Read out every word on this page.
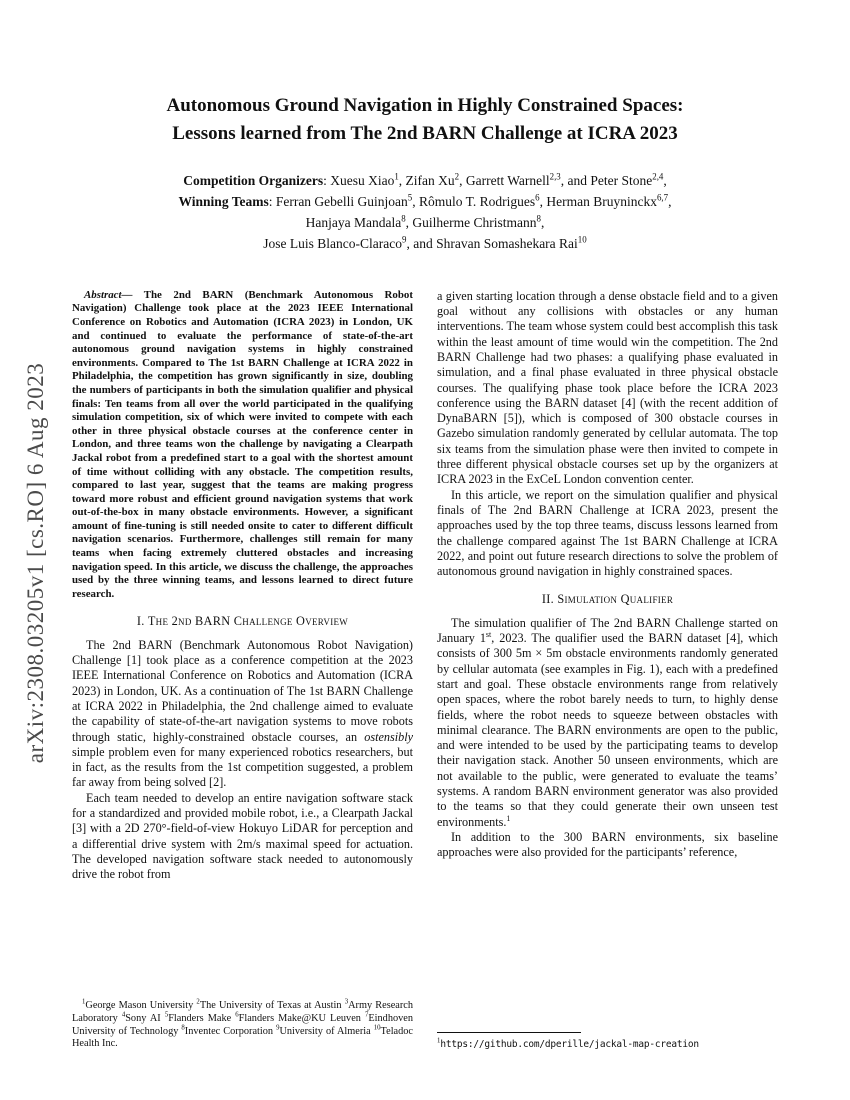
arXiv:2308.03205v1 [cs.RO] 6 Aug 2023
Autonomous Ground Navigation in Highly Constrained Spaces:
Lessons learned from The 2nd BARN Challenge at ICRA 2023
Competition Organizers: Xuesu Xiao$^1$, Zifan Xu$^2$, Garrett Warnell$^{2,3}$, and Peter Stone$^{2,4}$,
Winning Teams: Ferran Gebelli Guinjoan$^5$, Rômulo T. Rodrigues$^6$, Herman Bruyninckx$^{6,7}$,
Hanjaya Mandala$^8$, Guilherme Christmann$^8$,
Jose Luis Blanco-Claraco$^9$, and Shravan Somashekara Rai$^{10}$

Abstract— The 2nd BARN (Benchmark Autonomous Robot Navigation) Challenge took place at the 2023 IEEE International Conference on Robotics and Automation (ICRA 2023) in London, UK and continued to evaluate the performance of state-of-the-art autonomous ground navigation systems in highly constrained environments. Compared to The 1st BARN Challenge at ICRA 2022 in Philadelphia, the competition has grown significantly in size, doubling the numbers of participants in both the simulation qualifier and physical finals: Ten teams from all over the world participated in the qualifying simulation competition, six of which were invited to compete with each other in three physical obstacle courses at the conference center in London, and three teams won the challenge by navigating a Clearpath Jackal robot from a predefined start to a goal with the shortest amount of time without colliding with any obstacle. The competition results, compared to last year, suggest that the teams are making progress toward more robust and efficient ground navigation systems that work out-of-the-box in many obstacle environments. However, a significant amount of fine-tuning is still needed onsite to cater to different difficult navigation scenarios. Furthermore, challenges still remain for many teams when facing extremely cluttered obstacles and increasing navigation speed. In this article, we discuss the challenge, the approaches used by the three winning teams, and lessons learned to direct future research.

I. The 2nd BARN Challenge Overview

The 2nd BARN (Benchmark Autonomous Robot Navigation) Challenge [1] took place as a conference competition at the 2023 IEEE International Conference on Robotics and Automation (ICRA 2023) in London, UK. As a continuation of The 1st BARN Challenge at ICRA 2022 in Philadelphia, the 2nd challenge aimed to evaluate the capability of state-of-the-art navigation systems to move robots through static, highly-constrained obstacle courses, an ostensibly simple problem even for many experienced robotics researchers, but in fact, as the results from the 1st competition suggested, a problem far away from being solved [2].

Each team needed to develop an entire navigation software stack for a standardized and provided mobile robot, i.e., a Clearpath Jackal [3] with a 2D 270°-field-of-view Hokuyo LiDAR for perception and a differential drive system with 2m/s maximal speed for actuation. The developed navigation software stack needed to autonomously drive the robot from

$^1$George Mason University $^2$The University of Texas at Austin $^3$Army Research Laboratory $^4$Sony AI $^5$Flanders Make $^6$Flanders Make@KU Leuven $^7$Eindhoven University of Technology $^8$Inventec Corporation $^9$University of Almeria $^{10}$Teladoc Health Inc.

a given starting location through a dense obstacle field and to a given goal without any collisions with obstacles or any human interventions. The team whose system could best accomplish this task within the least amount of time would win the competition. The 2nd BARN Challenge had two phases: a qualifying phase evaluated in simulation, and a final phase evaluated in three physical obstacle courses. The qualifying phase took place before the ICRA 2023 conference using the BARN dataset [4] (with the recent addition of DynaBARN [5]), which is composed of 300 obstacle courses in Gazebo simulation randomly generated by cellular automata. The top six teams from the simulation phase were then invited to compete in three different physical obstacle courses set up by the organizers at ICRA 2023 in the ExCeL London convention center.

In this article, we report on the simulation qualifier and physical finals of The 2nd BARN Challenge at ICRA 2023, present the approaches used by the top three teams, discuss lessons learned from the challenge compared against The 1st BARN Challenge at ICRA 2022, and point out future research directions to solve the problem of autonomous ground navigation in highly constrained spaces.

II. Simulation Qualifier

The simulation qualifier of The 2nd BARN Challenge started on January 1st, 2023. The qualifier used the BARN dataset [4], which consists of 300 5m × 5m obstacle environments randomly generated by cellular automata (see examples in Fig. 1), each with a predefined start and goal. These obstacle environments range from relatively open spaces, where the robot barely needs to turn, to highly dense fields, where the robot needs to squeeze between obstacles with minimal clearance. The BARN environments are open to the public, and were intended to be used by the participating teams to develop their navigation stack. Another 50 unseen environments, which are not available to the public, were generated to evaluate the teams’ systems. A random BARN environment generator was also provided to the teams so that they could generate their own unseen test environments.$^1$

In addition to the 300 BARN environments, six baseline approaches were also provided for the participants’ reference,

$^1$https://github.com/dperille/jackal-map-creation
